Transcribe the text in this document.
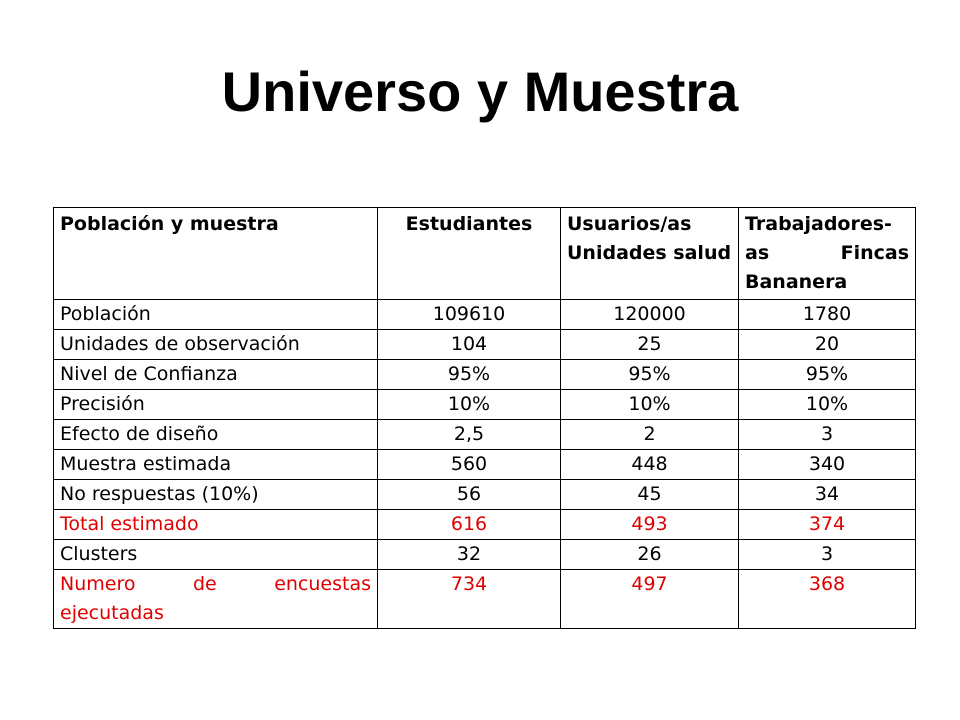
Universo y Muestra
Población y muestra	Estudiantes	Usuarios/as Unidades salud	Trabajadores-as Fincas Bananera
Población	109610	120000	1780
Unidades de observación	104	25	20
Nivel de Confianza	95%	95%	95%
Precisión	10%	10%	10%
Efecto de diseño	2,5	2	3
Muestra estimada	560	448	340
No respuestas (10%)	56	45	34
Total estimado	616	493	374
Clusters	32	26	3
Numero de encuestas ejecutadas	734	497	368
